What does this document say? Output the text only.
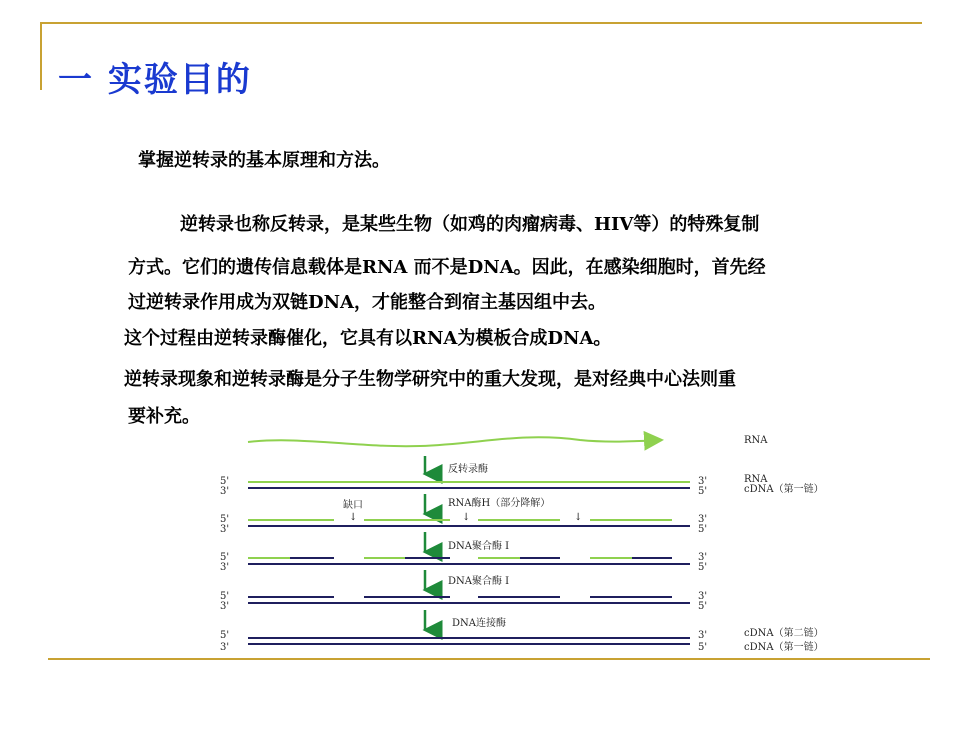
一 实验目的
掌握逆转录的基本原理和方法。
逆转录也称反转录，是某些生物（如鸡的肉瘤病毒、HIV等）的特殊复制
方式。它们的遗传信息载体是RNA 而不是DNA。因此，在感染细胞时，首先经
过逆转录作用成为双链DNA，才能整合到宿主基因组中去。
这个过程由逆转录酶催化，它具有以RNA为模板合成DNA。
逆转录现象和逆转录酶是分子生物学研究中的重大发现，是对经典中心法则重
要补充。
RNA
反转录酶
5'
3'
3'
5'
RNA
cDNA（第一链）
RNA酶H（部分降解）
缺口
↓	↓	↓
5'
3'
3'
5'
DNA聚合酶 I
5'
3'
3'
5'
DNA聚合酶 I
5'
3'
3'
5'
DNA连接酶
5'
3'
3'
5'
cDNA（第二链）
cDNA（第一链）
